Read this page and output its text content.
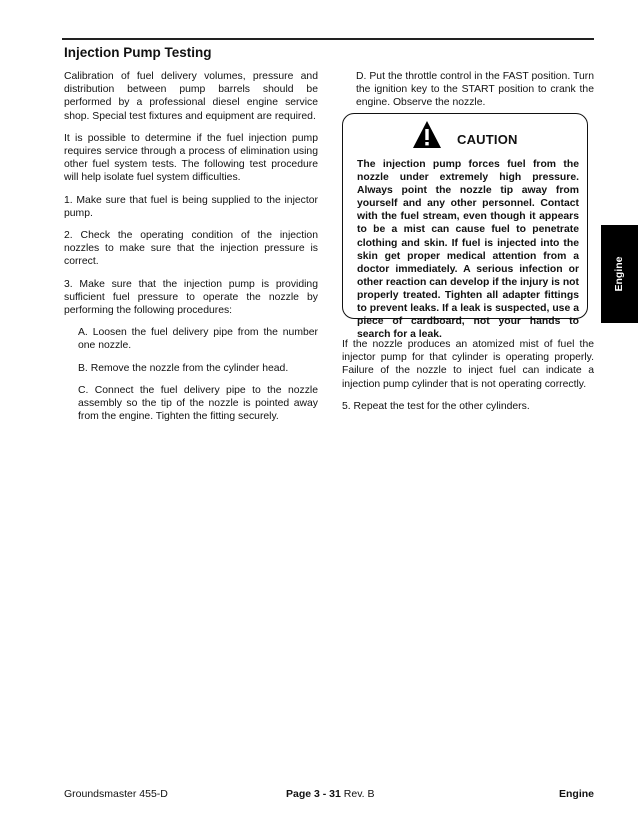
Injection Pump Testing

Calibration of fuel delivery volumes, pressure and distribution between pump barrels should be performed by a professional diesel engine service shop. Special test fixtures and equipment are required.

It is possible to determine if the fuel injection pump requires service through a process of elimination using other fuel system tests. The following test procedure will help isolate fuel system difficulties.

1. Make sure that fuel is being supplied to the injector pump.

2. Check the operating condition of the injection nozzles to make sure that the injection pressure is correct.

3. Make sure that the injection pump is providing sufficient fuel pressure to operate the nozzle by performing the following procedures:

A. Loosen the fuel delivery pipe from the number one nozzle.

B. Remove the nozzle from the cylinder head.

C. Connect the fuel delivery pipe to the nozzle assembly so the tip of the nozzle is pointed away from the engine. Tighten the fitting securely.

D. Put the throttle control in the FAST position. Turn the ignition key to the START position to crank the engine. Observe the nozzle.

CAUTION

The injection pump forces fuel from the nozzle under extremely high pressure. Always point the nozzle tip away from yourself and any other personnel. Contact with the fuel stream, even though it appears to be a mist can cause fuel to penetrate clothing and skin. If fuel is injected into the skin get proper medical attention from a doctor immediately. A serious infection or other reaction can develop if the injury is not properly treated. Tighten all adapter fittings to prevent leaks. If a leak is suspected, use a piece of cardboard, not your hands to search for a leak.

If the nozzle produces an atomized mist of fuel the injector pump for that cylinder is operating properly. Failure of the nozzle to inject fuel can indicate a injection pump cylinder that is not operating correctly.

5. Repeat the test for the other cylinders.

Engine
Groundsmaster 455-D	Page 3 - 31 Rev. B	Engine
